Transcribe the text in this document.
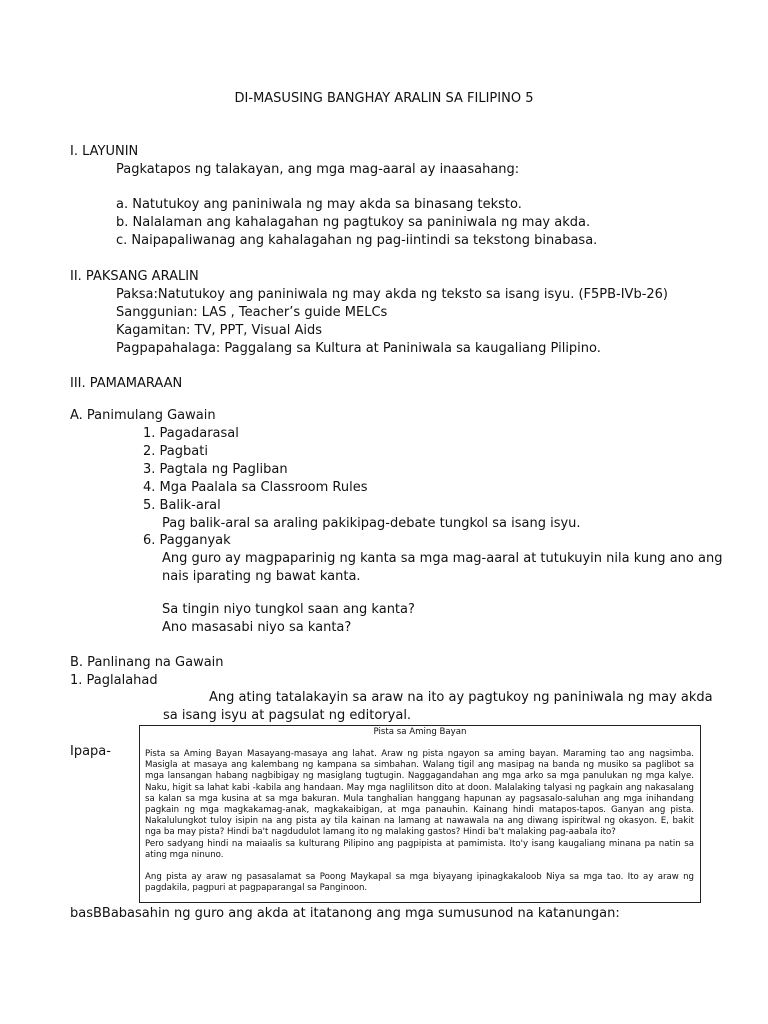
DI-MASUSING BANGHAY ARALIN SA FILIPINO 5
I. LAYUNIN
Pagkatapos ng talakayan, ang mga mag-aaral ay inaasahang:
a. Natutukoy ang paniniwala ng may akda sa binasang teksto.
b. Nalalaman ang kahalagahan ng pagtukoy sa paniniwala ng may akda.
c. Naipapaliwanag ang kahalagahan ng pag-iintindi sa tekstong binabasa.
II. PAKSANG ARALIN
Paksa:Natutukoy ang paniniwala ng may akda ng teksto sa isang isyu. (F5PB-IVb-26)
Sanggunian: LAS , Teacher’s guide MELCs
Kagamitan: TV, PPT, Visual Aids
Pagpapahalaga: Paggalang sa Kultura at Paniniwala sa kaugaliang Pilipino.
III. PAMAMARAAN
A. Panimulang Gawain
1. Pagadarasal
2. Pagbati
3. Pagtala ng Pagliban
4. Mga Paalala sa Classroom Rules
5. Balik-aral
Pag balik-aral sa araling pakikipag-debate tungkol sa isang isyu.
6. Pagganyak
Ang guro ay magpaparinig ng kanta sa mga mag-aaral at tutukuyin nila kung ano ang
nais iparating ng bawat kanta.
Sa tingin niyo tungkol saan ang kanta?
Ano masasabi niyo sa kanta?
B. Panlinang na Gawain
1. Paglalahad
Ang ating tatalakayin sa araw na ito ay pagtukoy ng paniniwala ng may akda
sa isang isyu at pagsulat ng editoryal.
Ipapa-
Pista sa Aming Bayan

Pista sa Aming Bayan Masayang-masaya ang lahat. Araw ng pista ngayon sa aming bayan. Maraming tao ang nagsimba. Masigla at masaya ang kalembang ng kampana sa simbahan. Walang tigil ang masipag na banda ng musiko sa paglibot sa mga lansangan habang nagbibigay ng masiglang tugtugin. Naggagandahan ang mga arko sa mga panulukan ng mga kalye. Naku, higit sa lahat kabi -kabila ang handaan. May mga naglilitson dito at doon. Malalaking talyasi ng pagkain ang nakasalang sa kalan sa mga kusina at sa mga bakuran. Mula tanghalian hanggang hapunan ay pagsasalo-saluhan ang mga inihandang pagkain ng mga magkakamag-anak, magkakaibigan, at mga panauhin. Kainang hindi matapos-tapos. Ganyan ang pista. Nakalulungkot tuloy isipin na ang pista ay tila kainan na lamang at nawawala na ang diwang ispiritwal ng okasyon. E, bakit nga ba may pista? Hindi ba't nagdudulot lamang ito ng malaking gastos? Hindi ba't malaking pag-aabala ito?

Pero sadyang hindi na maiaalis sa kulturang Pilipino ang pagpipista at pamimista. Ito'y isang kaugaliang minana pa natin sa ating mga ninuno.

Ang pista ay araw ng pasasalamat sa Poong Maykapal sa mga biyayang ipinagkakaloob Niya sa mga tao. Ito ay araw ng pagdakila, pagpuri at pagpaparangal sa Panginoon.

basBBabasahin ng guro ang akda at itatanong ang mga sumusunod na katanungan:
